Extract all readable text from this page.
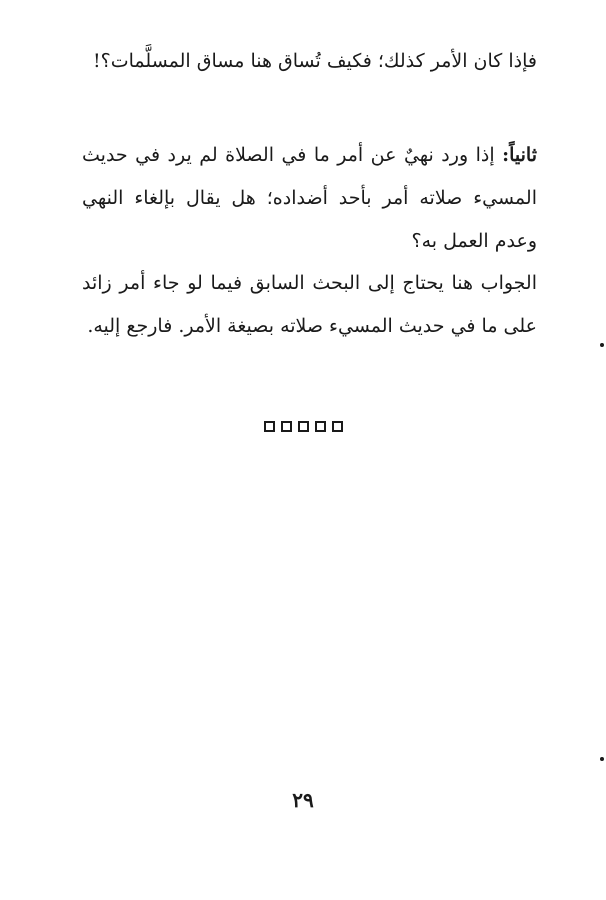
فإذا كان الأمر كذلك؛ فكيف تُساق هنا مساق المسلَّمات؟!

ثانياً: إذا ورد نهيٌ عن أمر ما في الصلاة لم يرد في حديث المسيء صلاته أمر بأحد أضداده؛ هل يقال بإلغاء النهي وعدم العمل به؟

الجواب هنا يحتاج إلى البحث السابق فيما لو جاء أمر زائد على ما في حديث المسيء صلاته بصيغة الأمر. فارجع إليه.

٢٩
